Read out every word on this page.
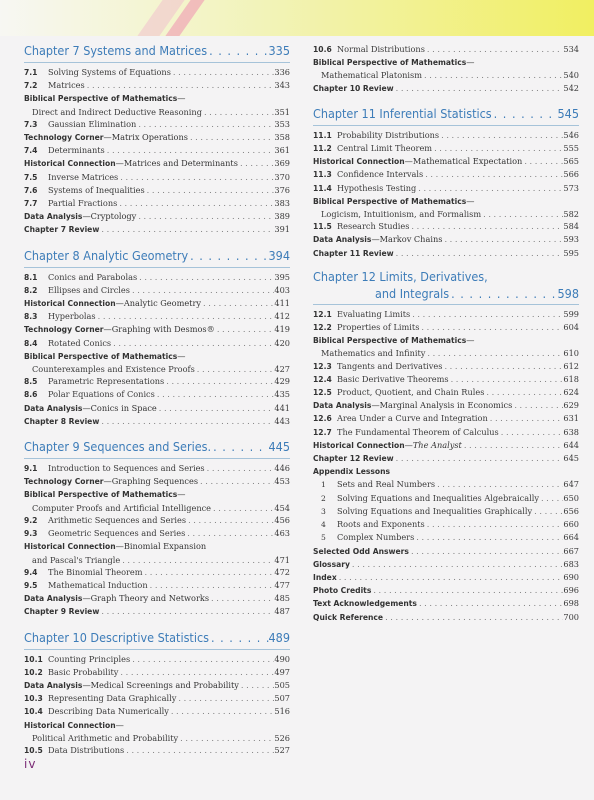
Chapter 7 Systems and Matrices . . .	335
7.1	Solving Systems of Equations . . .	336
7.2	Matrices . . .	343
Biblical Perspective of Mathematics—
Direct and Indirect Deductive Reasoning . . .	351
7.3	Gaussian Elimination . . .	353
Technology Corner—Matrix Operations . . .	358
7.4	Determinants . . .	361
Historical Connection—Matrices and Determinants . . .	369
7.5	Inverse Matrices . . .	370
7.6	Systems of Inequalities . . .	376
7.7	Partial Fractions . . .	383
Data Analysis—Cryptology . . .	389
Chapter 7 Review . . .	391
Chapter 8 Analytic Geometry . . .	394
8.1	Conics and Parabolas . . .	395
8.2	Ellipses and Circles . . .	403
Historical Connection—Analytic Geometry . . .	411
8.3	Hyperbolas . . .	412
Technology Corner—Graphing with Desmos® . . .	419
8.4	Rotated Conics . . .	420
Biblical Perspective of Mathematics—
Counterexamples and Existence Proofs . . .	427
8.5	Parametric Representations . . .	429
8.6	Polar Equations of Conics . . .	435
Data Analysis—Conics in Space . . .	441
Chapter 8 Review . . .	443
Chapter 9 Sequences and Series. . . .	445
9.1	Introduction to Sequences and Series . . .	446
Technology Corner—Graphing Sequences . . .	453
Biblical Perspective of Mathematics—
Computer Proofs and Artificial Intelligence . . .	454
9.2	Arithmetic Sequences and Series . . .	456
9.3	Geometric Sequences and Series . . .	463
Historical Connection—Binomial Expansion
and Pascal's Triangle . . .	471
9.4	The Binomial Theorem . . .	472
9.5	Mathematical Induction . . .	477
Data Analysis—Graph Theory and Networks . . .	485
Chapter 9 Review . . .	487
Chapter 10 Descriptive Statistics . . .	489
10.1 Counting Principles . . .	490
10.2 Basic Probability . . .	497
Data Analysis—Medical Screenings and Probability . . .	505
10.3 Representing Data Graphically . . .	507
10.4 Describing Data Numerically . . .	516
Historical Connection—
Political Arithmetic and Probability . . .	526
10.5 Data Distributions . . .	527
10.6 Normal Distributions . . .	534
Biblical Perspective of Mathematics—
Mathematical Platonism . . .	540
Chapter 10 Review . . .	542
Chapter 11 Inferential Statistics . . .	545
11.1 Probability Distributions . . .	546
11.2 Central Limit Theorem . . .	555
Historical Connection—Mathematical Expectation . . .	565
11.3 Confidence Intervals . . .	566
11.4 Hypothesis Testing . . .	573
Biblical Perspective of Mathematics—
Logicism, Intuitionism, and Formalism . . .	582
11.5 Research Studies . . .	584
Data Analysis—Markov Chains . . .	593
Chapter 11 Review . . .	595
Chapter 12 Limits, Derivatives,
and Integrals . . .	598
12.1 Evaluating Limits . . .	599
12.2 Properties of Limits . . .	604
Biblical Perspective of Mathematics—
Mathematics and Infinity . . .	610
12.3 Tangents and Derivatives . . .	612
12.4 Basic Derivative Theorems . . .	618
12.5 Product, Quotient, and Chain Rules . . .	624
Data Analysis—Marginal Analysis in Economics . . .	629
12.6 Area Under a Curve and Integration . . .	631
12.7 The Fundamental Theorem of Calculus . . .	638
Historical Connection—The Analyst . . .	644
Chapter 12 Review . . .	645
Appendix Lessons
1	Sets and Real Numbers . . .	647
2	Solving Equations and Inequalities Algebraically . . .	650
3	Solving Equations and Inequalities Graphically . . .	656
4	Roots and Exponents . . .	660
5	Complex Numbers . . .	664
Selected Odd Answers . . .	667
Glossary . . .	683
Index . . .	690
Photo Credits . . .	696
Text Acknowledgements . . .	698
Quick Reference . . .	700
iv
